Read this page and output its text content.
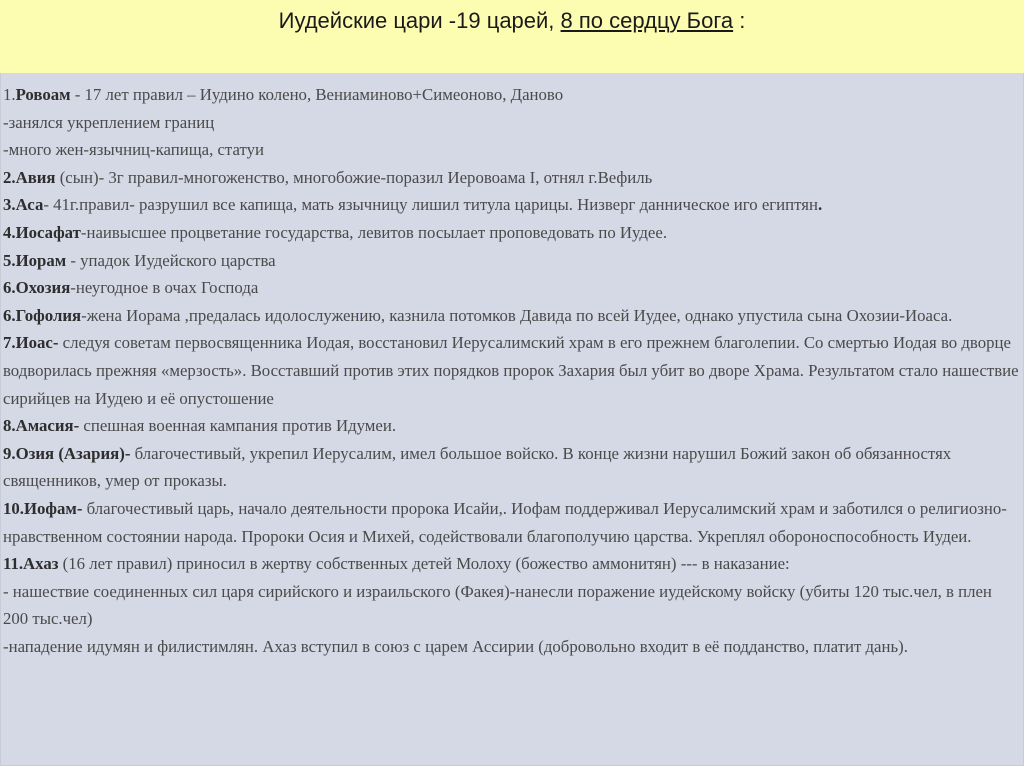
Иудейские цари -19 царей, 8 по сердцу Бога :

1.Ровоам - 17 лет правил – Иудино колено, Вениаминово+Симеоново, Даново

-занялся укреплением границ

-много жен-язычниц-капища, статуи

2.Авия (сын)- 3г правил-многоженство, многобожие-поразил Иеровоама I, отнял г.Вефиль

3.Аса- 41г.правил- разрушил все капища, мать язычницу лишил титула царицы. Низверг данническое иго египтян.

4.Иосафат-наивысшее процветание государства, левитов посылает проповедовать по Иудее.

5.Иорам - упадок Иудейского царства

6.Охозия-неугодное в очах Господа

6.Гофолия-жена Иорама ,предалась идолослужению, казнила потомков Давида по всей Иудее, однако упустила сына Охозии-Иоаса.

7.Иоас- следуя советам первосвященника Иодая, восстановил Иерусалимский храм в его прежнем благолепии. Со смертью Иодая во дворце водворилась прежняя «мерзость». Восставший против этих порядков пророк Захария был убит во дворе Храма. Результатом стало нашествие сирийцев на Иудею и её опустошение

8.Амасия- спешная военная кампания против Идумеи.

9.Озия (Азария)- благочестивый, укрепил Иерусалим, имел большое войско. В конце жизни нарушил Божий закон об обязанностях священников, умер от проказы.

10.Иофам- благочестивый царь, начало деятельности пророка Исайи,. Иофам поддерживал Иерусалимский храм и заботился о религиозно-нравственном состоянии народа. Пророки Осия и Михей, содействовали благополучию царства. Укреплял обороноспособность Иудеи.

11.Ахаз (16 лет правил) приносил в жертву собственных детей Молоху (божество аммонитян) --- в наказание:

- нашествие соединенных сил царя сирийского и израильского (Факея)-нанесли поражение иудейскому войску (убиты 120 тыс.чел, в плен 200 тыс.чел)

-нападение идумян и филистимлян. Ахаз вступил в союз с царем Ассирии (добровольно входит в её подданство, платит дань).
